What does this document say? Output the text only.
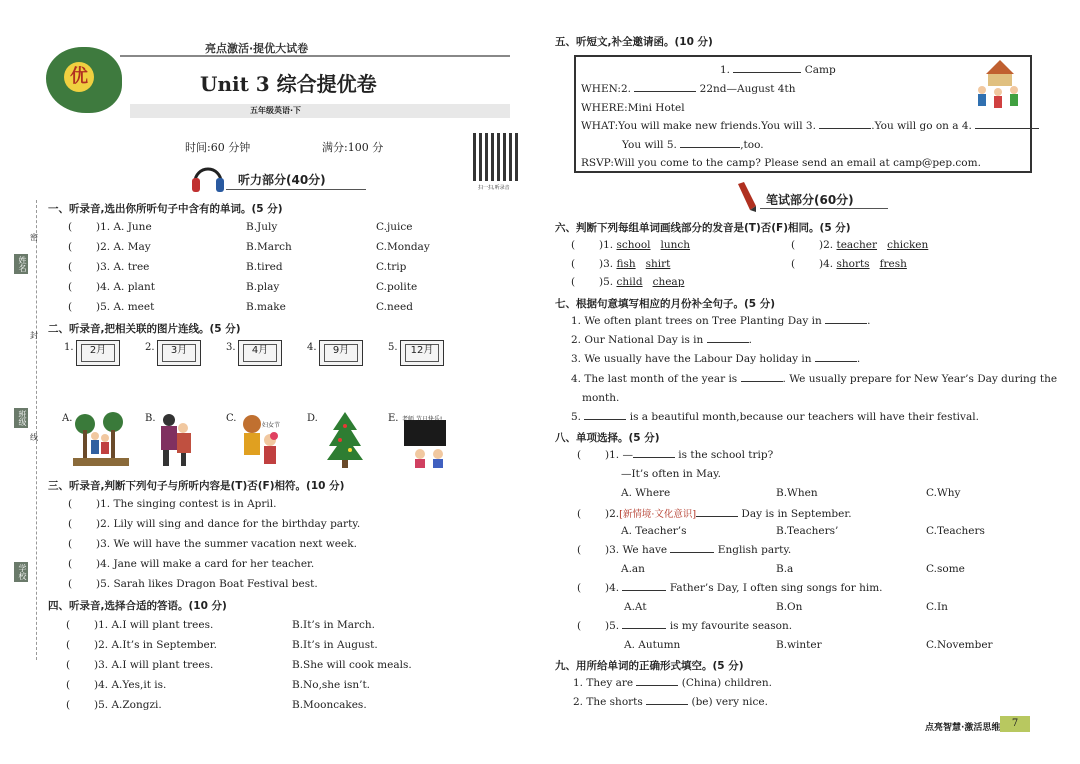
优
亮点激活·提优大试卷
Unit 3 综合提优卷
五年级英语·下
时间:60 分钟	满分:100 分
扫一扫,听录音
听力部分(40分)
姓名
班级
学校
密
封
线
一、听录音,选出你所听句子中含有的单词。(5 分)
( )1. A. June	B.July	C.juice
( )2. A. May	B.March	C.Monday
( )3. A. tree	B.tired	C.trip
( )4. A. plant	B.play	C.polite
( )5. A. meet	B.make	C.need
二、听录音,把相关联的图片连线。(5 分)
1.	2.	3.	4.	5.
2月	3月	4月	9月	12月
A.	B.	C.	D.	E.
妇女节
老师,节日快乐!
三、听录音,判断下列句子与所听内容是(T)否(F)相符。(10 分)
( )1. The singing contest is in April.
( )2. Lily will sing and dance for the birthday party.
( )3. We will have the summer vacation next week.
( )4. Jane will make a card for her teacher.
( )5. Sarah likes Dragon Boat Festival best.
四、听录音,选择合适的答语。(10 分)
( )1. A.I will plant trees.	B.It’s in March.
( )2. A.It’s in September.	B.It’s in August.
( )3. A.I will plant trees.	B.She will cook meals.
( )4. A.Yes,it is.	B.No,she isn’t.
( )5. A.Zongzi.	B.Mooncakes.
五、听短文,补全邀请函。(10 分)
1.	Camp
WHEN:2.	22nd—August 4th
WHERE:Mini Hotel
WHAT:You will make new friends.You will 3.	.You will go on a 4.
You will 5.	,too.
RSVP:Will you come to the camp? Please send an email at camp@pep.com.
笔试部分(60分)
六、判断下列每组单词画线部分的发音是(T)否(F)相同。(5 分)
( )1. school lunch	( )2. teacher chicken
( )3. fish shirt	( )4. shorts fresh
( )5. child cheap
七、根据句意填写相应的月份补全句子。(5 分)
1. We often plant trees on Tree Planting Day in	.
2. Our National Day is in	.
3. We usually have the Labour Day holiday in	.
4. The last month of the year is	. We usually prepare for New Year’s Day during the
month.
5.	is a beautiful month,because our teachers will have their festival.
八、单项选择。(5 分)
( )1. —	is the school trip?
—It’s often in May.
A. Where	B.When	C.Why
( )2.[新情境·文化意识]	Day is in September.
A. Teacher’s	B.Teachers’	C.Teachers
( )3. We have	English party.
A.an	B.a	C.some
( )4.	Father’s Day, I often sing songs for him.
A.At	B.On	C.In
( )5.	is my favourite season.
A. Autumn	B.winter	C.November
九、用所给单词的正确形式填空。(5 分)
1. They are	(China) children.
2. The shorts	(be) very nice.
点亮智慧·激活思维	7
